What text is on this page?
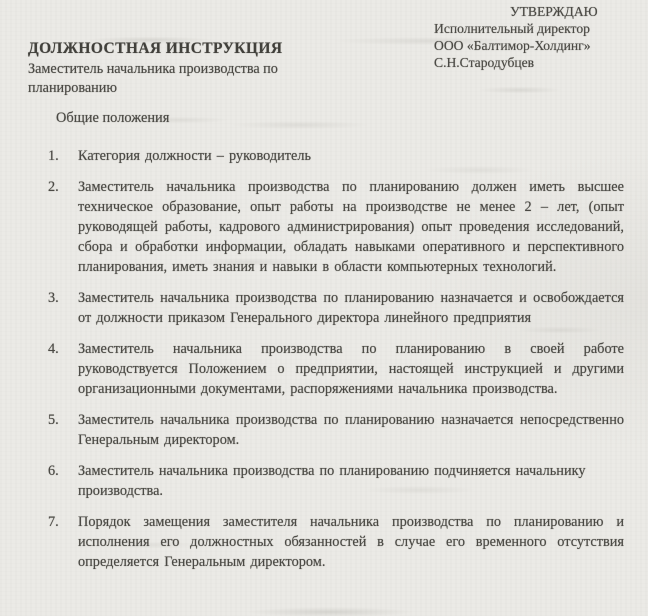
УТВЕРЖДАЮ
Исполнительный директор
ООО «Балтимор-Холдинг»
С.Н.Стародубцев
ДОЛЖНОСТНАЯ ИНСТРУКЦИЯ
Заместитель начальника производства по планированию
Общие положения
1.	Категория должности – руководитель
2.	Заместитель начальника производства по планированию должен иметь высшее техническое образование, опыт работы на производстве не менее 2 – лет, (опыт руководящей работы, кадрового администрирования) опыт проведения исследований, сбора и обработки информации, обладать навыками оперативного и перспективного планирования, иметь знания и навыки в области компьютерных технологий.
3.	Заместитель начальника производства по планированию назначается и освобождается от должности приказом Генерального директора линейного предприятия
4.	Заместитель начальника производства по планированию в своей работе руководствуется Положением о предприятии, настоящей инструкцией и другими организационными документами, распоряжениями начальника производства.
5.	Заместитель начальника производства по планированию назначается непосредственно Генеральным директором.
6.	Заместитель начальника производства по планированию подчиняется начальнику производства.
7.	Порядок замещения заместителя начальника производства по планированию и исполнения его должностных обязанностей в случае его временного отсутствия определяется Генеральным директором.
